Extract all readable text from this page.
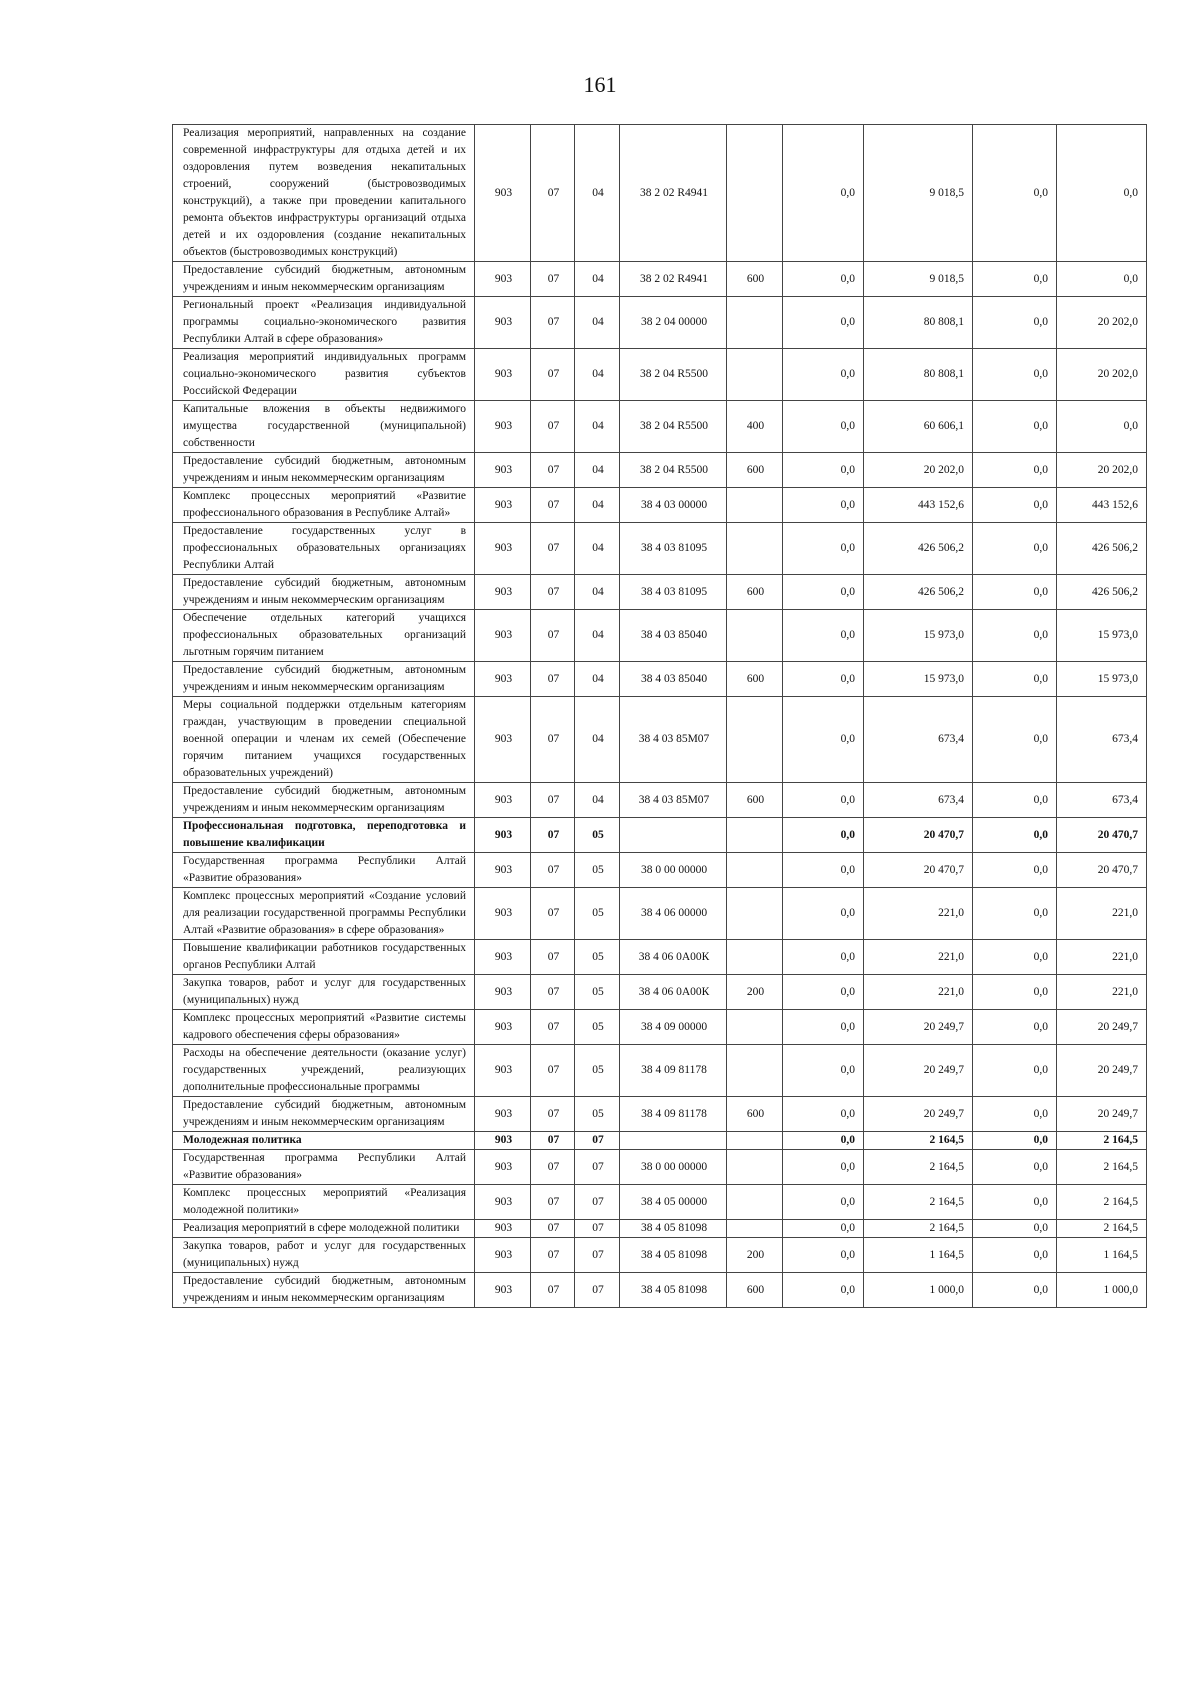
161
Реализация мероприятий, направленных на создание современной инфраструктуры для отдыха детей и их оздоровления путем возведения некапитальных строений, сооружений (быстровозводимых конструкций), а также при проведении капитального ремонта объектов инфраструктуры организаций отдыха детей и их оздоровления (создание некапитальных объектов (быстровозводимых конструкций)	903	07	04	38 2 02 R4941		0,0	9 018,5	0,0	0,0
Предоставление субсидий бюджетным, автономным учреждениям и иным некоммерческим организациям	903	07	04	38 2 02 R4941	600	0,0	9 018,5	0,0	0,0
Региональный проект «Реализация индивидуальной программы социально-экономического развития Республики Алтай в сфере образования»	903	07	04	38 2 04 00000		0,0	80 808,1	0,0	20 202,0
Реализация мероприятий индивидуальных программ социально-экономического развития субъектов Российской Федерации	903	07	04	38 2 04 R5500		0,0	80 808,1	0,0	20 202,0
Капитальные вложения в объекты недвижимого имущества государственной (муниципальной) собственности	903	07	04	38 2 04 R5500	400	0,0	60 606,1	0,0	0,0
Предоставление субсидий бюджетным, автономным учреждениям и иным некоммерческим организациям	903	07	04	38 2 04 R5500	600	0,0	20 202,0	0,0	20 202,0
Комплекс процессных мероприятий «Развитие профессионального образования в Республике Алтай»	903	07	04	38 4 03 00000		0,0	443 152,6	0,0	443 152,6
Предоставление государственных услуг в профессиональных образовательных организациях Республики Алтай	903	07	04	38 4 03 81095		0,0	426 506,2	0,0	426 506,2
Предоставление субсидий бюджетным, автономным учреждениям и иным некоммерческим организациям	903	07	04	38 4 03 81095	600	0,0	426 506,2	0,0	426 506,2
Обеспечение отдельных категорий учащихся профессиональных образовательных организаций льготным горячим питанием	903	07	04	38 4 03 85040		0,0	15 973,0	0,0	15 973,0
Предоставление субсидий бюджетным, автономным учреждениям и иным некоммерческим организациям	903	07	04	38 4 03 85040	600	0,0	15 973,0	0,0	15 973,0
Меры социальной поддержки отдельным категориям граждан, участвующим в проведении специальной военной операции и членам их семей (Обеспечение горячим питанием учащихся государственных образовательных учреждений)	903	07	04	38 4 03 85М07		0,0	673,4	0,0	673,4
Предоставление субсидий бюджетным, автономным учреждениям и иным некоммерческим организациям	903	07	04	38 4 03 85М07	600	0,0	673,4	0,0	673,4
Профессиональная подготовка, переподготовка и повышение квалификации	903	07	05			0,0	20 470,7	0,0	20 470,7
Государственная программа Республики Алтай «Развитие образования»	903	07	05	38 0 00 00000		0,0	20 470,7	0,0	20 470,7
Комплекс процессных мероприятий «Создание условий для реализации государственной программы Республики Алтай «Развитие образования» в сфере образования»	903	07	05	38 4 06 00000		0,0	221,0	0,0	221,0
Повышение квалификации работников государственных органов Республики Алтай	903	07	05	38 4 06 0А00К		0,0	221,0	0,0	221,0
Закупка товаров, работ и услуг для государственных (муниципальных) нужд	903	07	05	38 4 06 0А00К	200	0,0	221,0	0,0	221,0
Комплекс процессных мероприятий «Развитие системы кадрового обеспечения сферы образования»	903	07	05	38 4 09 00000		0,0	20 249,7	0,0	20 249,7
Расходы на обеспечение деятельности (оказание услуг) государственных учреждений, реализующих дополнительные профессиональные программы	903	07	05	38 4 09 81178		0,0	20 249,7	0,0	20 249,7
Предоставление субсидий бюджетным, автономным учреждениям и иным некоммерческим организациям	903	07	05	38 4 09 81178	600	0,0	20 249,7	0,0	20 249,7
Молодежная политика	903	07	07			0,0	2 164,5	0,0	2 164,5
Государственная программа Республики Алтай «Развитие образования»	903	07	07	38 0 00 00000		0,0	2 164,5	0,0	2 164,5
Комплекс процессных мероприятий «Реализация молодежной политики»	903	07	07	38 4 05 00000		0,0	2 164,5	0,0	2 164,5
Реализация мероприятий в сфере молодежной политики	903	07	07	38 4 05 81098		0,0	2 164,5	0,0	2 164,5
Закупка товаров, работ и услуг для государственных (муниципальных) нужд	903	07	07	38 4 05 81098	200	0,0	1 164,5	0,0	1 164,5
Предоставление субсидий бюджетным, автономным учреждениям и иным некоммерческим организациям	903	07	07	38 4 05 81098	600	0,0	1 000,0	0,0	1 000,0
